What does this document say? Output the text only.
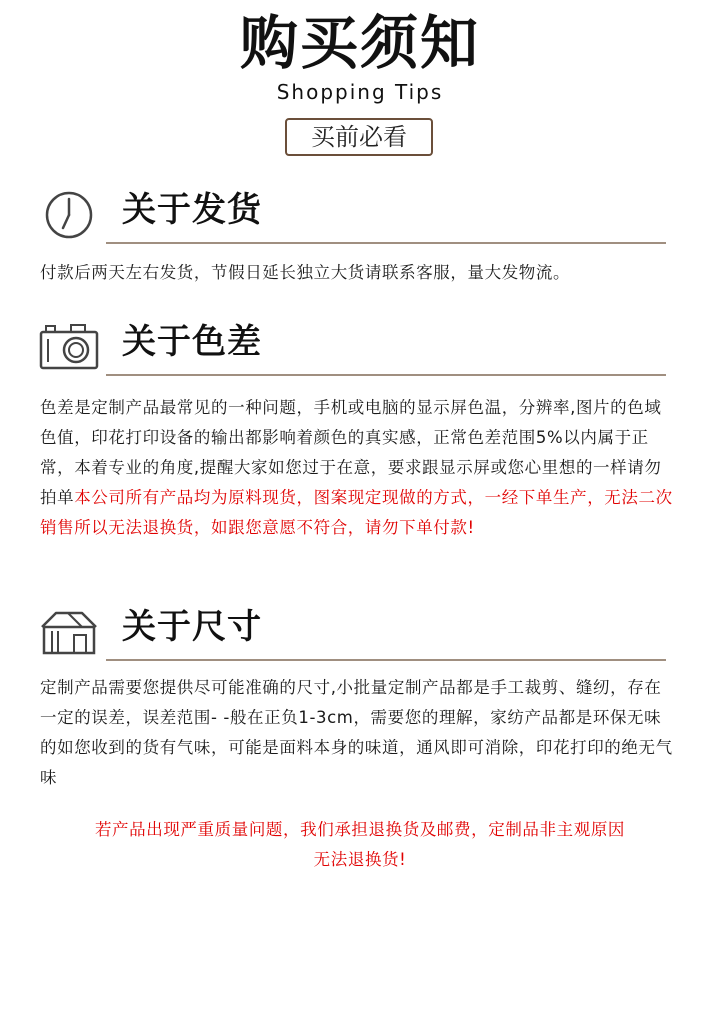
购买须知
Shopping Tips
买前必看
关于发货
付款后两天左右发货，节假日延长独立大货请联系客服，量大发物流。
关于色差
色差是定制产品最常见的一种问题，手机或电脑的显示屏色温，分辨率,图片的色域色值，印花打印设备的输出都影响着颜色的真实感，正常色差范围5%以内属于正常，本着专业的角度,提醒大家如您过于在意，要求跟显示屏或您心里想的一样请勿拍单本公司所有产品均为原料现货，图案现定现做的方式，一经下单生产，无法二次销售所以无法退换货，如跟您意愿不符合，请勿下单付款!
关于尺寸
定制产品需要您提供尽可能准确的尺寸,小批量定制产品都是手工裁剪、缝纫，存在一定的误差，误差范围- -般在正负1-3cm，需要您的理解，家纺产品都是环保无味的如您收到的货有气味，可能是面料本身的味道，通风即可消除，印花打印的绝无气味
若产品出现严重质量问题，我们承担退换货及邮费，定制品非主观原因
无法退换货!
